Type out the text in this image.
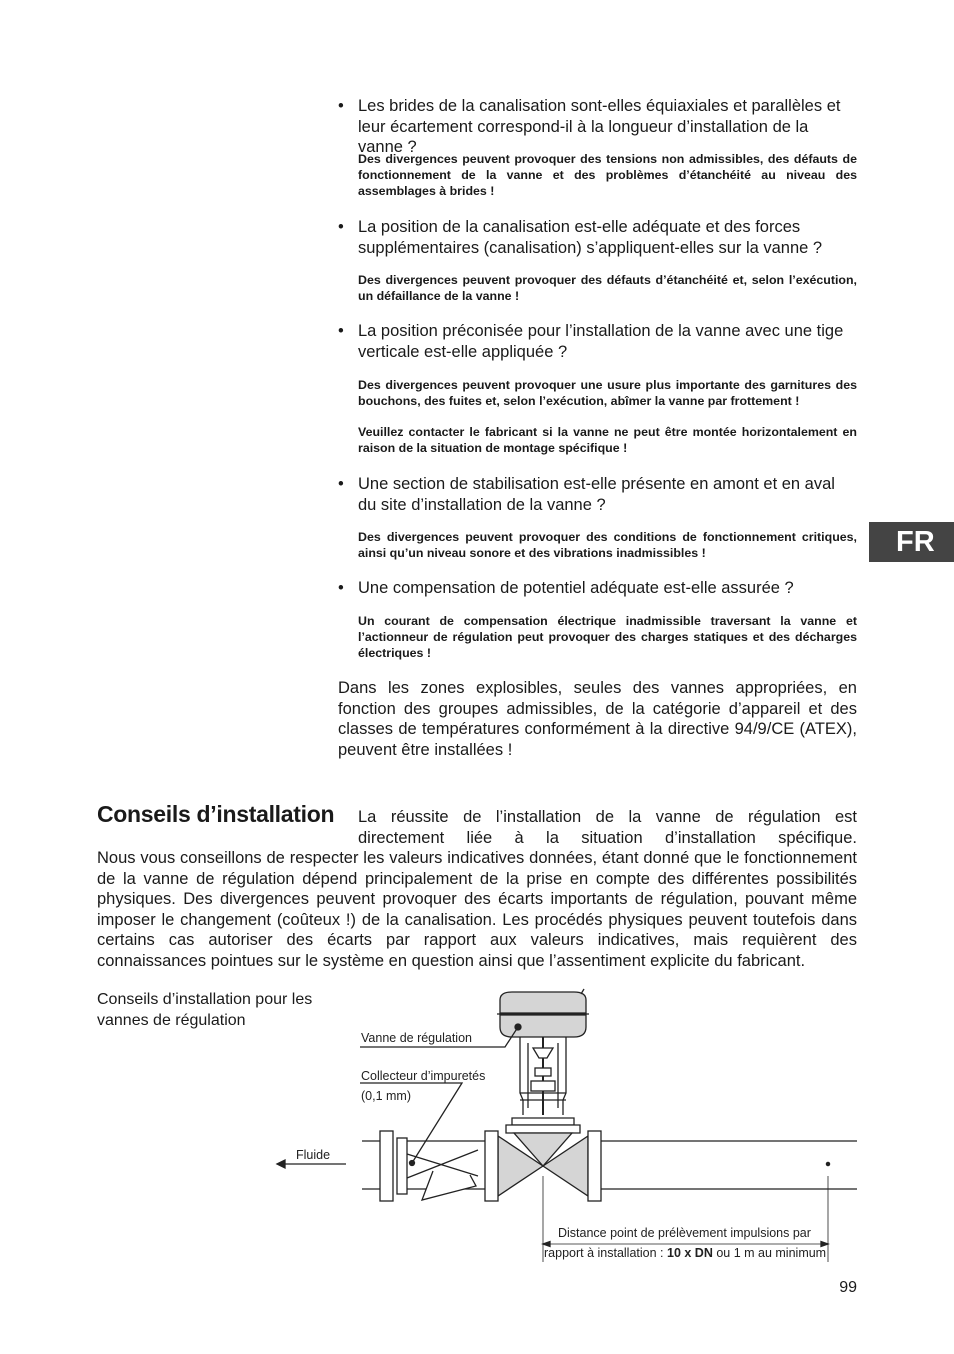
• Les brides de la canalisation sont-elles équiaxiales et parallèles et leur écartement correspond-il à la longueur d’installation de la vanne ?
Des divergences peuvent provoquer des tensions non admissibles, des défauts de fonctionnement de la vanne et des problèmes d’étanchéité au niveau des assemblages à brides !
• La position de la canalisation est-elle adéquate et des forces supplémentaires (canalisation) s’appliquent-elles sur la vanne ?
Des divergences peuvent provoquer des défauts d’étanchéité et, selon l’exécution, un défaillance de la vanne !
• La position préconisée pour l’installation de la vanne avec une tige verticale est-elle appliquée ?
Des divergences peuvent provoquer une usure plus importante des garnitures des bouchons, des fuites et, selon l’exécution, abîmer la vanne par frottement !
Veuillez contacter le fabricant si la vanne ne peut être montée horizontalement en raison de la situation de montage spécifique !
• Une section de stabilisation est-elle présente en amont et en aval du site d’installation de la vanne ?
Des divergences peuvent provoquer des conditions de fonctionnement critiques, ainsi qu’un niveau sonore et des vibrations inadmissibles !
• Une compensation de potentiel adéquate est-elle assurée ?
Un courant de compensation électrique inadmissible traversant la vanne et l’actionneur de régulation peut provoquer des charges statiques et des décharges électriques !
Dans les zones explosibles, seules des vannes appropriées, en fonction des groupes admissibles, de la catégorie d’appareil et des classes de températures conformément à la directive 94/9/CE (ATEX), peuvent être installées !
FR
Conseils d’installation La réussite de l’installation de la vanne de régulation est directement liée à la situation d’installation spécifique.
Nous vous conseillons de respecter les valeurs indicatives données, étant donné que le fonctionnement de la vanne de régulation dépend principalement de la prise en compte des différentes possibilités physiques. Des divergences peuvent provoquer des écarts importants de régulation, pouvant même imposer le changement (coûteux !) de la canalisation. Les procédés physiques peuvent toutefois dans certains cas autoriser des écarts par rapport aux valeurs indicatives, mais requièrent des connaissances pointues sur le système en question ainsi que l’assentiment explicite du fabricant.
Conseils d’installation pour les
vannes de régulation
Vanne de régulation
Collecteur d’impuretés
(0,1 mm)
Fluide
Distance point de prélèvement impulsions par
rapport à installation : 10 x DN ou 1 m au minimum
99
